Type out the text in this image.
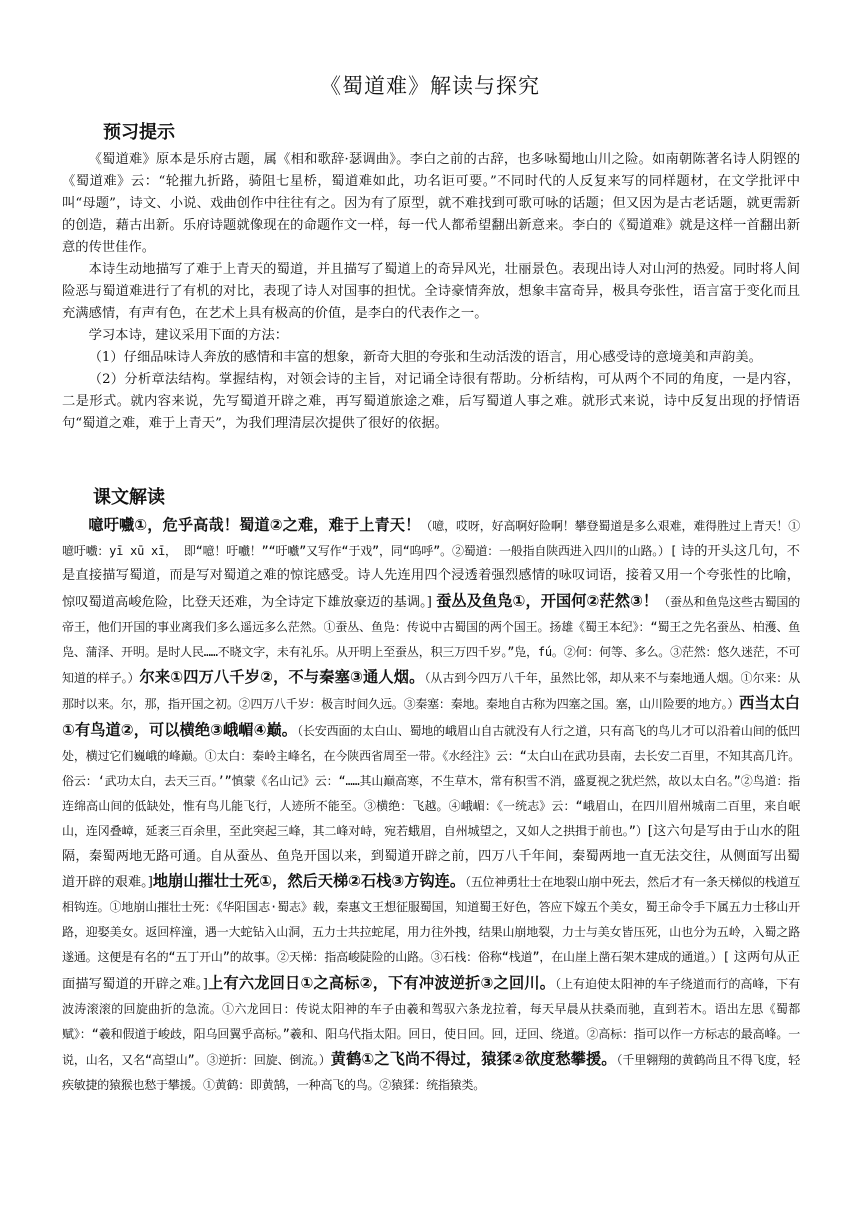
《蜀道难》解读与探究
预习提示

《蜀道难》原本是乐府古题，属《相和歌辞·瑟调曲》。李白之前的古辞，也多咏蜀地山川之险。如南朝陈著名诗人阴铿的《蜀道难》云：“轮摧九折路，骑阻七星桥，蜀道难如此，功名讵可要。”不同时代的人反复来写的同样题材，在文学批评中叫“母题”，诗文、小说、戏曲创作中往往有之。因为有了原型，就不难找到可歌可咏的话题；但又因为是古老话题，就更需新的创造，藉古出新。乐府诗题就像现在的命题作文一样，每一代人都希望翻出新意来。李白的《蜀道难》就是这样一首翻出新意的传世佳作。

本诗生动地描写了难于上青天的蜀道，并且描写了蜀道上的奇异风光，壮丽景色。表现出诗人对山河的热爱。同时将人间险恶与蜀道难进行了有机的对比，表现了诗人对国事的担忧。全诗豪情奔放，想象丰富奇异，极具夸张性，语言富于变化而且充满感情，有声有色，在艺术上具有极高的价值，是李白的代表作之一。

学习本诗，建议采用下面的方法：

（1）仔细品味诗人奔放的感情和丰富的想象，新奇大胆的夸张和生动活泼的语言，用心感受诗的意境美和声韵美。

（2）分析章法结构。掌握结构，对领会诗的主旨，对记诵全诗很有帮助。分析结构，可从两个不同的角度，一是内容，二是形式。就内容来说，先写蜀道开辟之难，再写蜀道旅途之难，后写蜀道人事之难。就形式来说，诗中反复出现的抒情语句“蜀道之难，难于上青天”，为我们理清层次提供了很好的依据。

课文解读

噫吁嚱①，危乎高哉！蜀道②之难，难于上青天！（噫，哎呀，好高啊好险啊！攀登蜀道是多么艰难，难得胜过上青天！①噫吁嚱：yī xū xī， 即“噫！吁嚱！”“吁嚱”又写作“于戏”，同“呜呼”。②蜀道：一般指自陕西进入四川的山路。）[ 诗的开头这几句，不是直接描写蜀道，而是写对蜀道之难的惊诧感受。诗人先连用四个浸透着强烈感情的咏叹词语，接着又用一个夸张性的比喻，惊叹蜀道高峻危险，比登天还难，为全诗定下雄放豪迈的基调。] 蚕丛及鱼凫①，开国何②茫然③！（蚕丛和鱼凫这些古蜀国的帝王，他们开国的事业离我们多么遥远多么茫然。①蚕丛、鱼凫：传说中古蜀国的两个国王。扬雄《蜀王本纪》：“蜀王之先名蚕丛、柏濩、鱼凫、蒲泽、开明。是时人民……不晓文字，未有礼乐。从开明上至蚕丛，积三万四千岁。”凫，fú。②何：何等、多么。③茫然：悠久迷茫，不可知道的样子。）尔来①四万八千岁②，不与秦塞③通人烟。（从古到今四万八千年，虽然比邻，却从来不与秦地通人烟。①尔来：从那时以来。尔，那，指开国之初。②四万八千岁：极言时间久远。③秦塞：秦地。秦地自古称为四塞之国。塞，山川险要的地方。）西当太白①有鸟道②，可以横绝③峨嵋④巅。（长安西面的太白山、蜀地的峨眉山自古就没有人行之道，只有高飞的鸟儿才可以沿着山间的低凹处，横过它们巍峨的峰巅。①太白：秦岭主峰名，在今陕西省周至一带。《水经注》云：“太白山在武功县南，去长安二百里，不知其高几许。俗云：‘武功太白，去天三百。’”慎蒙《名山记》云：“……其山巅高寒，不生草木，常有积雪不消，盛夏视之犹烂然，故以太白名。”②鸟道：指连绵高山间的低缺处，惟有鸟儿能飞行，人迹所不能至。③横绝：飞越。④峨嵋：《一统志》云：“峨眉山，在四川眉州城南二百里，来自岷山，连冈叠嶂，延袤三百余里，至此突起三峰，其二峰对峙，宛若蛾眉，自州城望之，又如人之拱揖于前也。”）[这六句是写由于山水的阻隔，秦蜀两地无路可通。自从蚕丛、鱼凫开国以来，到蜀道开辟之前，四万八千年间，秦蜀两地一直无法交往，从侧面写出蜀道开辟的艰难。]地崩山摧壮士死①，然后天梯②石栈③方钩连。（五位神勇壮士在地裂山崩中死去，然后才有一条天梯似的栈道互相钩连。①地崩山摧壮士死：《华阳国志·蜀志》载，秦惠文王想征服蜀国，知道蜀王好色，答应下嫁五个美女，蜀王命令手下属五力士移山开路，迎娶美女。返回梓潼，遇一大蛇钻入山洞，五力士共拉蛇尾，用力往外拽，结果山崩地裂，力士与美女皆压死，山也分为五岭，入蜀之路遂通。这便是有名的“五丁开山”的故事。②天梯：指高峻陡险的山路。③石栈：俗称“栈道”，在山崖上凿石架木建成的通道。）[ 这两句从正面描写蜀道的开辟之难。]上有六龙回日①之高标②，下有冲波逆折③之回川。（上有迫使太阳神的车子绕道而行的高峰，下有波涛滚滚的回旋曲折的急流。①六龙回日：传说太阳神的车子由羲和驾驭六条龙拉着，每天早晨从扶桑而驰，直到若木。语出左思《蜀都赋》：“羲和假道于峻歧，阳乌回翼乎高标。”羲和、阳乌代指太阳。回日，使日回。回，迂回、绕道。②高标：指可以作一方标志的最高峰。一说，山名，又名“高望山”。③逆折：回旋、倒流。）黄鹤①之飞尚不得过，猿猱②欲度愁攀援。（千里翱翔的黄鹤尚且不得飞度，轻疾敏捷的猿猴也愁于攀援。①黄鹤：即黄鹄，一种高飞的鸟。②猿猱：统指猿类。
